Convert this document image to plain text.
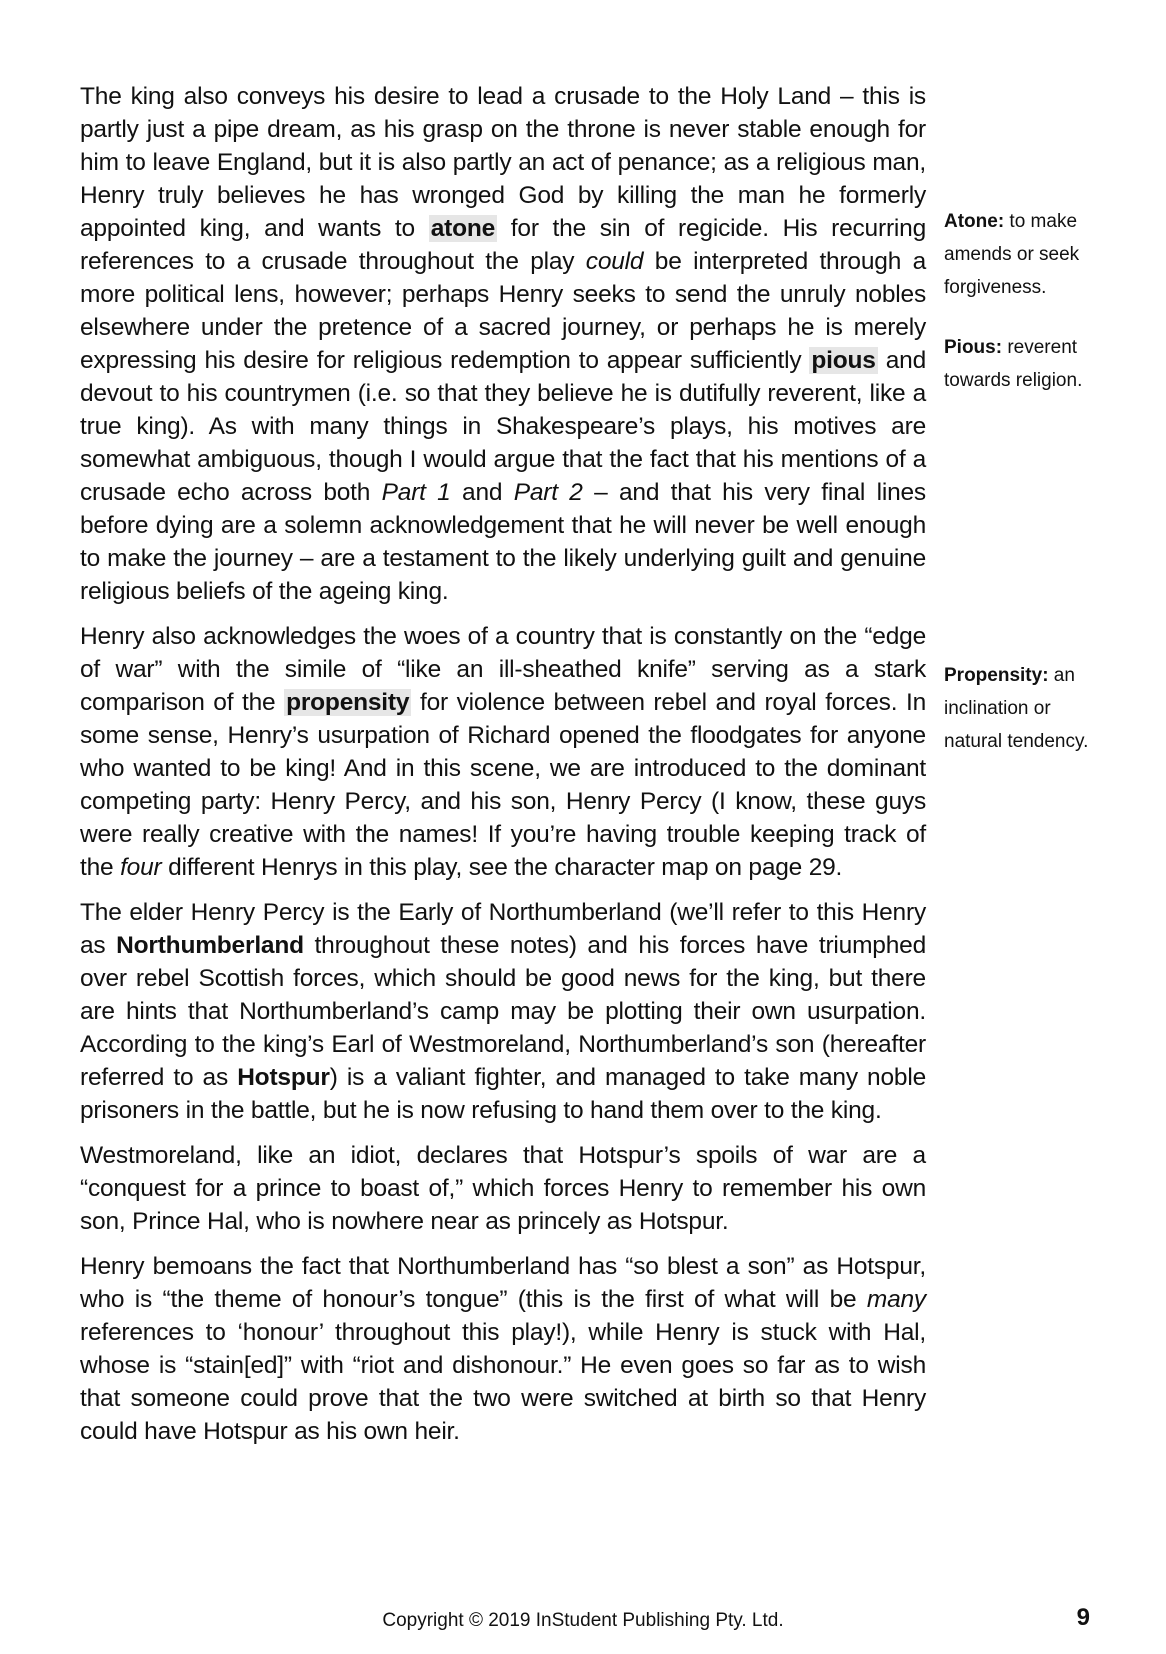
The king also conveys his desire to lead a crusade to the Holy Land – this is partly just a pipe dream, as his grasp on the throne is never stable enough for him to leave England, but it is also partly an act of penance; as a religious man, Henry truly believes he has wronged God by killing the man he formerly appointed king, and wants to atone for the sin of regicide. His recurring references to a crusade throughout the play could be interpreted through a more political lens, however; perhaps Henry seeks to send the unruly nobles elsewhere under the pretence of a sacred journey, or perhaps he is merely expressing his desire for religious redemption to appear sufficiently pious and devout to his countrymen (i.e. so that they believe he is dutifully reverent, like a true king). As with many things in Shakespeare’s plays, his motives are somewhat ambiguous, though I would argue that the fact that his mentions of a crusade echo across both Part 1 and Part 2 – and that his very final lines before dying are a solemn acknowledgement that he will never be well enough to make the journey – are a testament to the likely underlying guilt and genuine religious beliefs of the ageing king.

Henry also acknowledges the woes of a country that is constantly on the “edge of war” with the simile of “like an ill-sheathed knife” serving as a stark comparison of the propensity for violence between rebel and royal forces. In some sense, Henry’s usurpation of Richard opened the floodgates for anyone who wanted to be king! And in this scene, we are introduced to the dominant competing party: Henry Percy, and his son, Henry Percy (I know, these guys were really creative with the names! If you’re having trouble keeping track of the four different Henrys in this play, see the character map on page 29.

The elder Henry Percy is the Early of Northumberland (we’ll refer to this Henry as Northumberland throughout these notes) and his forces have triumphed over rebel Scottish forces, which should be good news for the king, but there are hints that Northumberland’s camp may be plotting their own usurpation. According to the king’s Earl of Westmoreland, Northumberland’s son (hereafter referred to as Hotspur) is a valiant fighter, and managed to take many noble prisoners in the battle, but he is now refusing to hand them over to the king.

Westmoreland, like an idiot, declares that Hotspur’s spoils of war are a “conquest for a prince to boast of,” which forces Henry to remember his own son, Prince Hal, who is nowhere near as princely as Hotspur.

Henry bemoans the fact that Northumberland has “so blest a son” as Hotspur, who is “the theme of honour’s tongue” (this is the first of what will be many references to ‘honour’ throughout this play!), while Henry is stuck with Hal, whose is “stain[ed]” with “riot and dishonour.” He even goes so far as to wish that someone could prove that the two were switched at birth so that Henry could have Hotspur as his own heir.

Atone: to make amends or seek forgiveness.
Pious: reverent towards religion.
Propensity: an inclination or natural tendency.
Copyright © 2019 InStudent Publishing Pty. Ltd.	9
